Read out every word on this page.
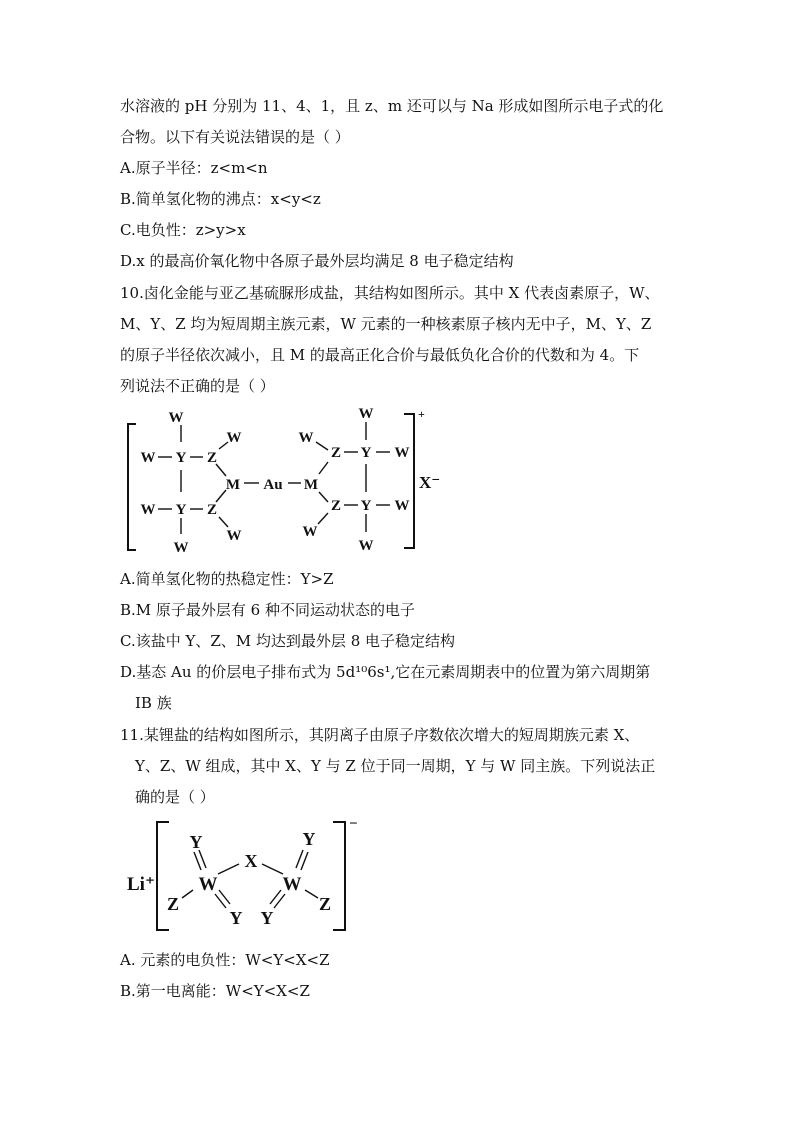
水溶液的 pH 分别为 11、4、1，且 z、m 还可以与 Na 形成如图所示电子式的化
合物。以下有关说法错误的是（ ）
A.原子半径：z<m<n
B.简单氢化物的沸点：x<y<z
C.电负性：z>y>x
D.x 的最高价氧化物中各原子最外层均满足 8 电子稳定结构
10.卤化金能与亚乙基硫脲形成盐，其结构如图所示。其中 X 代表卤素原子，W、
M、Y、Z 均为短周期主族元素，W 元素的一种核素原子核内无中子，M、Y、Z
的原子半径依次减小，且 M 的最高正化合价与最低负化合价的代数和为 4。下
列说法不正确的是（ ）
+
X⁻
W
W Y Z
W
M Au M
W Y Z
W
W
W
W
Z Y W
Z Y W
W
W
A.简单氢化物的热稳定性：Y>Z
B.M 原子最外层有 6 种不同运动状态的电子
C.该盐中 Y、Z、M 均达到最外层 8 电子稳定结构
D.基态 Au 的价层电子排布式为 5d¹⁰6s¹,它在元素周期表中的位置为第六周期第
IB 族
11.某锂盐的结构如图所示，其阴离子由原子序数依次增大的短周期族元素 X、
Y、Z、W 组成，其中 X、Y 与 Z 位于同一周期，Y 与 W 同主族。下列说法正
确的是（ ）
Li⁺
−
Y
W
Z
Y
X
Y
W
Z
Y
A. 元素的电负性：W<Y<X<Z
B.第一电离能：W<Y<X<Z
